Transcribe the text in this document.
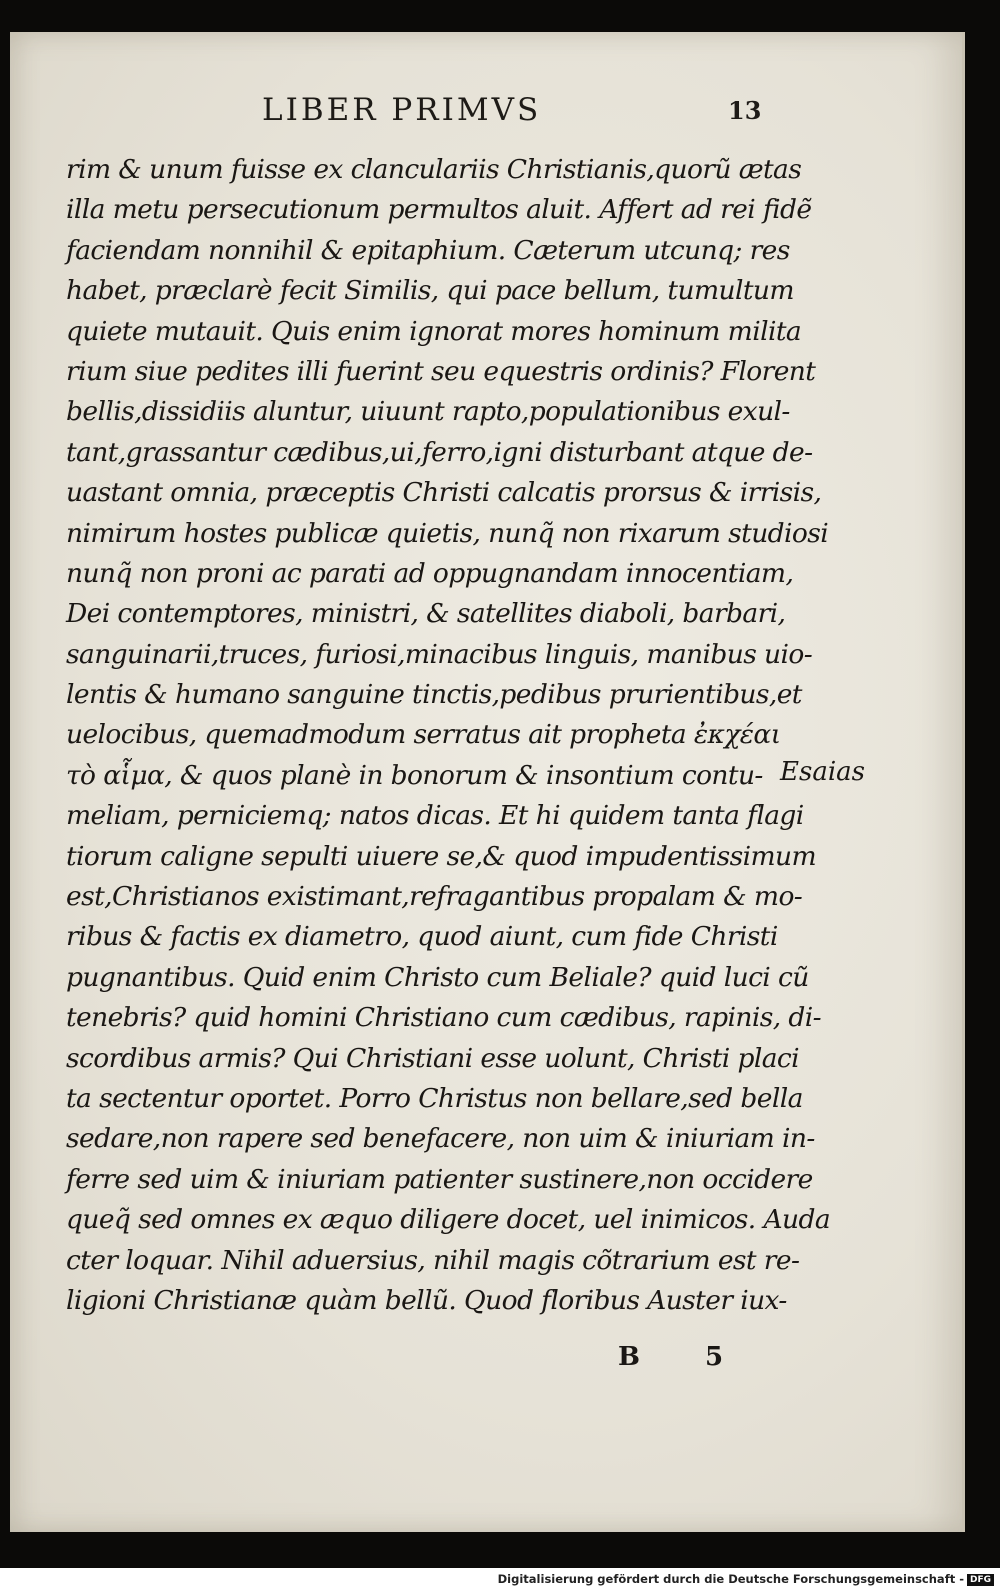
LIBER PRIMVS	13
rim & unum fuisse ex clanculariis Christianis,quorũ ætas
illa metu persecutionum permultos aluit. Affert ad rei fidẽ
faciendam nonnihil & epitaphium. Cæterum utcunq; res
habet, præclarè fecit Similis, qui pace bellum, tumultum
quiete mutauit. Quis enim ignorat mores hominum milita
rium siue pedites illi fuerint seu equestris ordinis? Florent
bellis,dissidiis aluntur, uiuunt rapto,populationibus exul-
tant,grassantur cædibus,ui,ferro,igni disturbant atque de-
uastant omnia, præceptis Christi calcatis prorsus & irrisis,
nimirum hostes publicæ quietis, nunq̃ non rixarum studiosi
nunq̃ non proni ac parati ad oppugnandam innocentiam,
Dei contemptores, ministri, & satellites diaboli, barbari,
sanguinarii,truces, furiosi,minacibus linguis, manibus uio-
lentis & humano sanguine tinctis,pedibus prurientibus,et
uelocibus, quemadmodum serratus ait propheta ἐκχέαι
τὸ αἷμα, & quos planè in bonorum & insontium contu-
meliam, perniciemq; natos dicas. Et hi quidem tanta flagi
tiorum caligne sepulti uiuere se,& quod impudentissimum
est,Christianos existimant,refragantibus propalam & mo-
ribus & factis ex diametro, quod aiunt, cum fide Christi
pugnantibus. Quid enim Christo cum Beliale? quid luci cũ
tenebris? quid homini Christiano cum cædibus, rapinis, di-
scordibus armis? Qui Christiani esse uolunt, Christi placi
ta sectentur oportet. Porro Christus non bellare,sed bella
sedare,non rapere sed benefacere, non uim & iniuriam in-
ferre sed uim & iniuriam patienter sustinere,non occidere
queq̃ sed omnes ex æquo diligere docet, uel inimicos. Auda
cter loquar. Nihil aduersius, nihil magis cõtrarium est re-
ligioni Christianæ quàm bellũ. Quod floribus Auster iux-
Esaias
B 5
Digitalisierung gefördert durch die Deutsche Forschungsgemeinschaft - DFG
